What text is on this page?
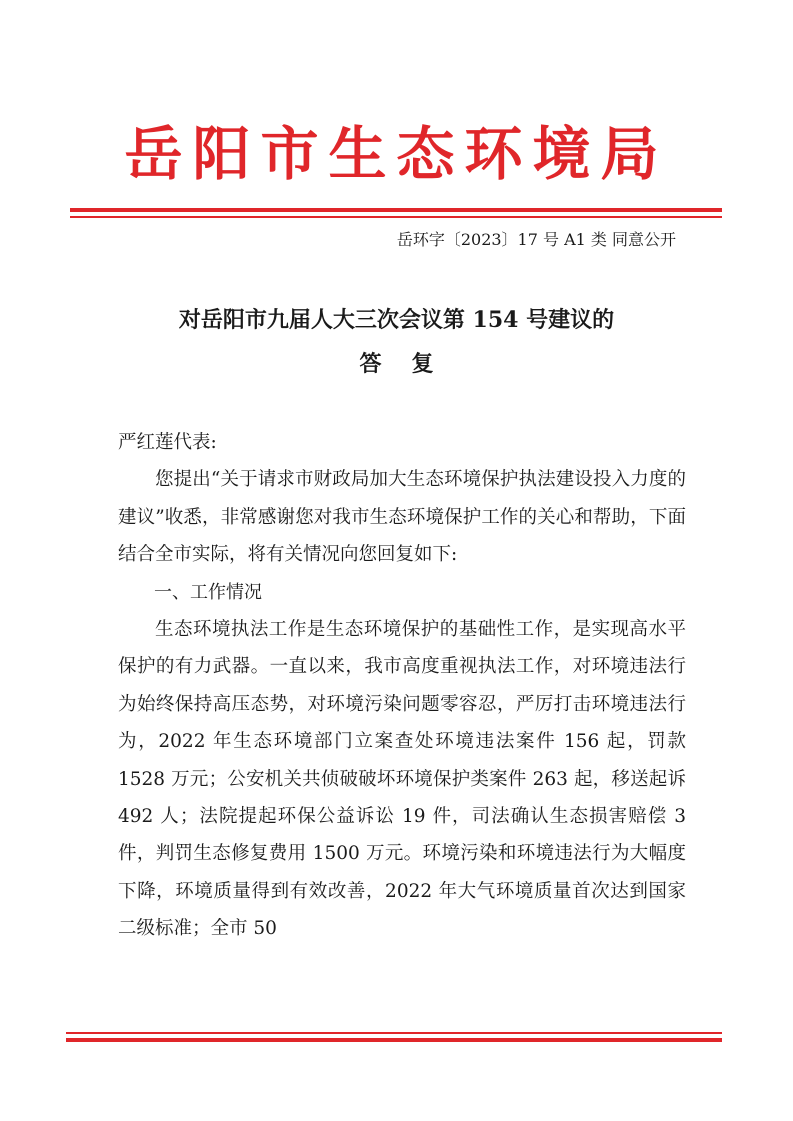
岳阳市生态环境局
岳环字〔2023〕17 号 A1 类 同意公开
对岳阳市九届人大三次会议第 154 号建议的
答复

严红莲代表:

您提出“关于请求市财政局加大生态环境保护执法建设投入力度的建议”收悉，非常感谢您对我市生态环境保护工作的关心和帮助，下面结合全市实际，将有关情况向您回复如下:

一、工作情况

生态环境执法工作是生态环境保护的基础性工作，是实现高水平保护的有力武器。一直以来，我市高度重视执法工作，对环境违法行为始终保持高压态势，对环境污染问题零容忍，严厉打击环境违法行为，2022 年生态环境部门立案查处环境违法案件 156 起，罚款 1528 万元；公安机关共侦破破坏环境保护类案件 263 起，移送起诉 492 人；法院提起环保公益诉讼 19 件，司法确认生态损害赔偿 3 件，判罚生态修复费用 1500 万元。环境污染和环境违法行为大幅度下降，环境质量得到有效改善，2022 年大气环境质量首次达到国家二级标准；全市 50
